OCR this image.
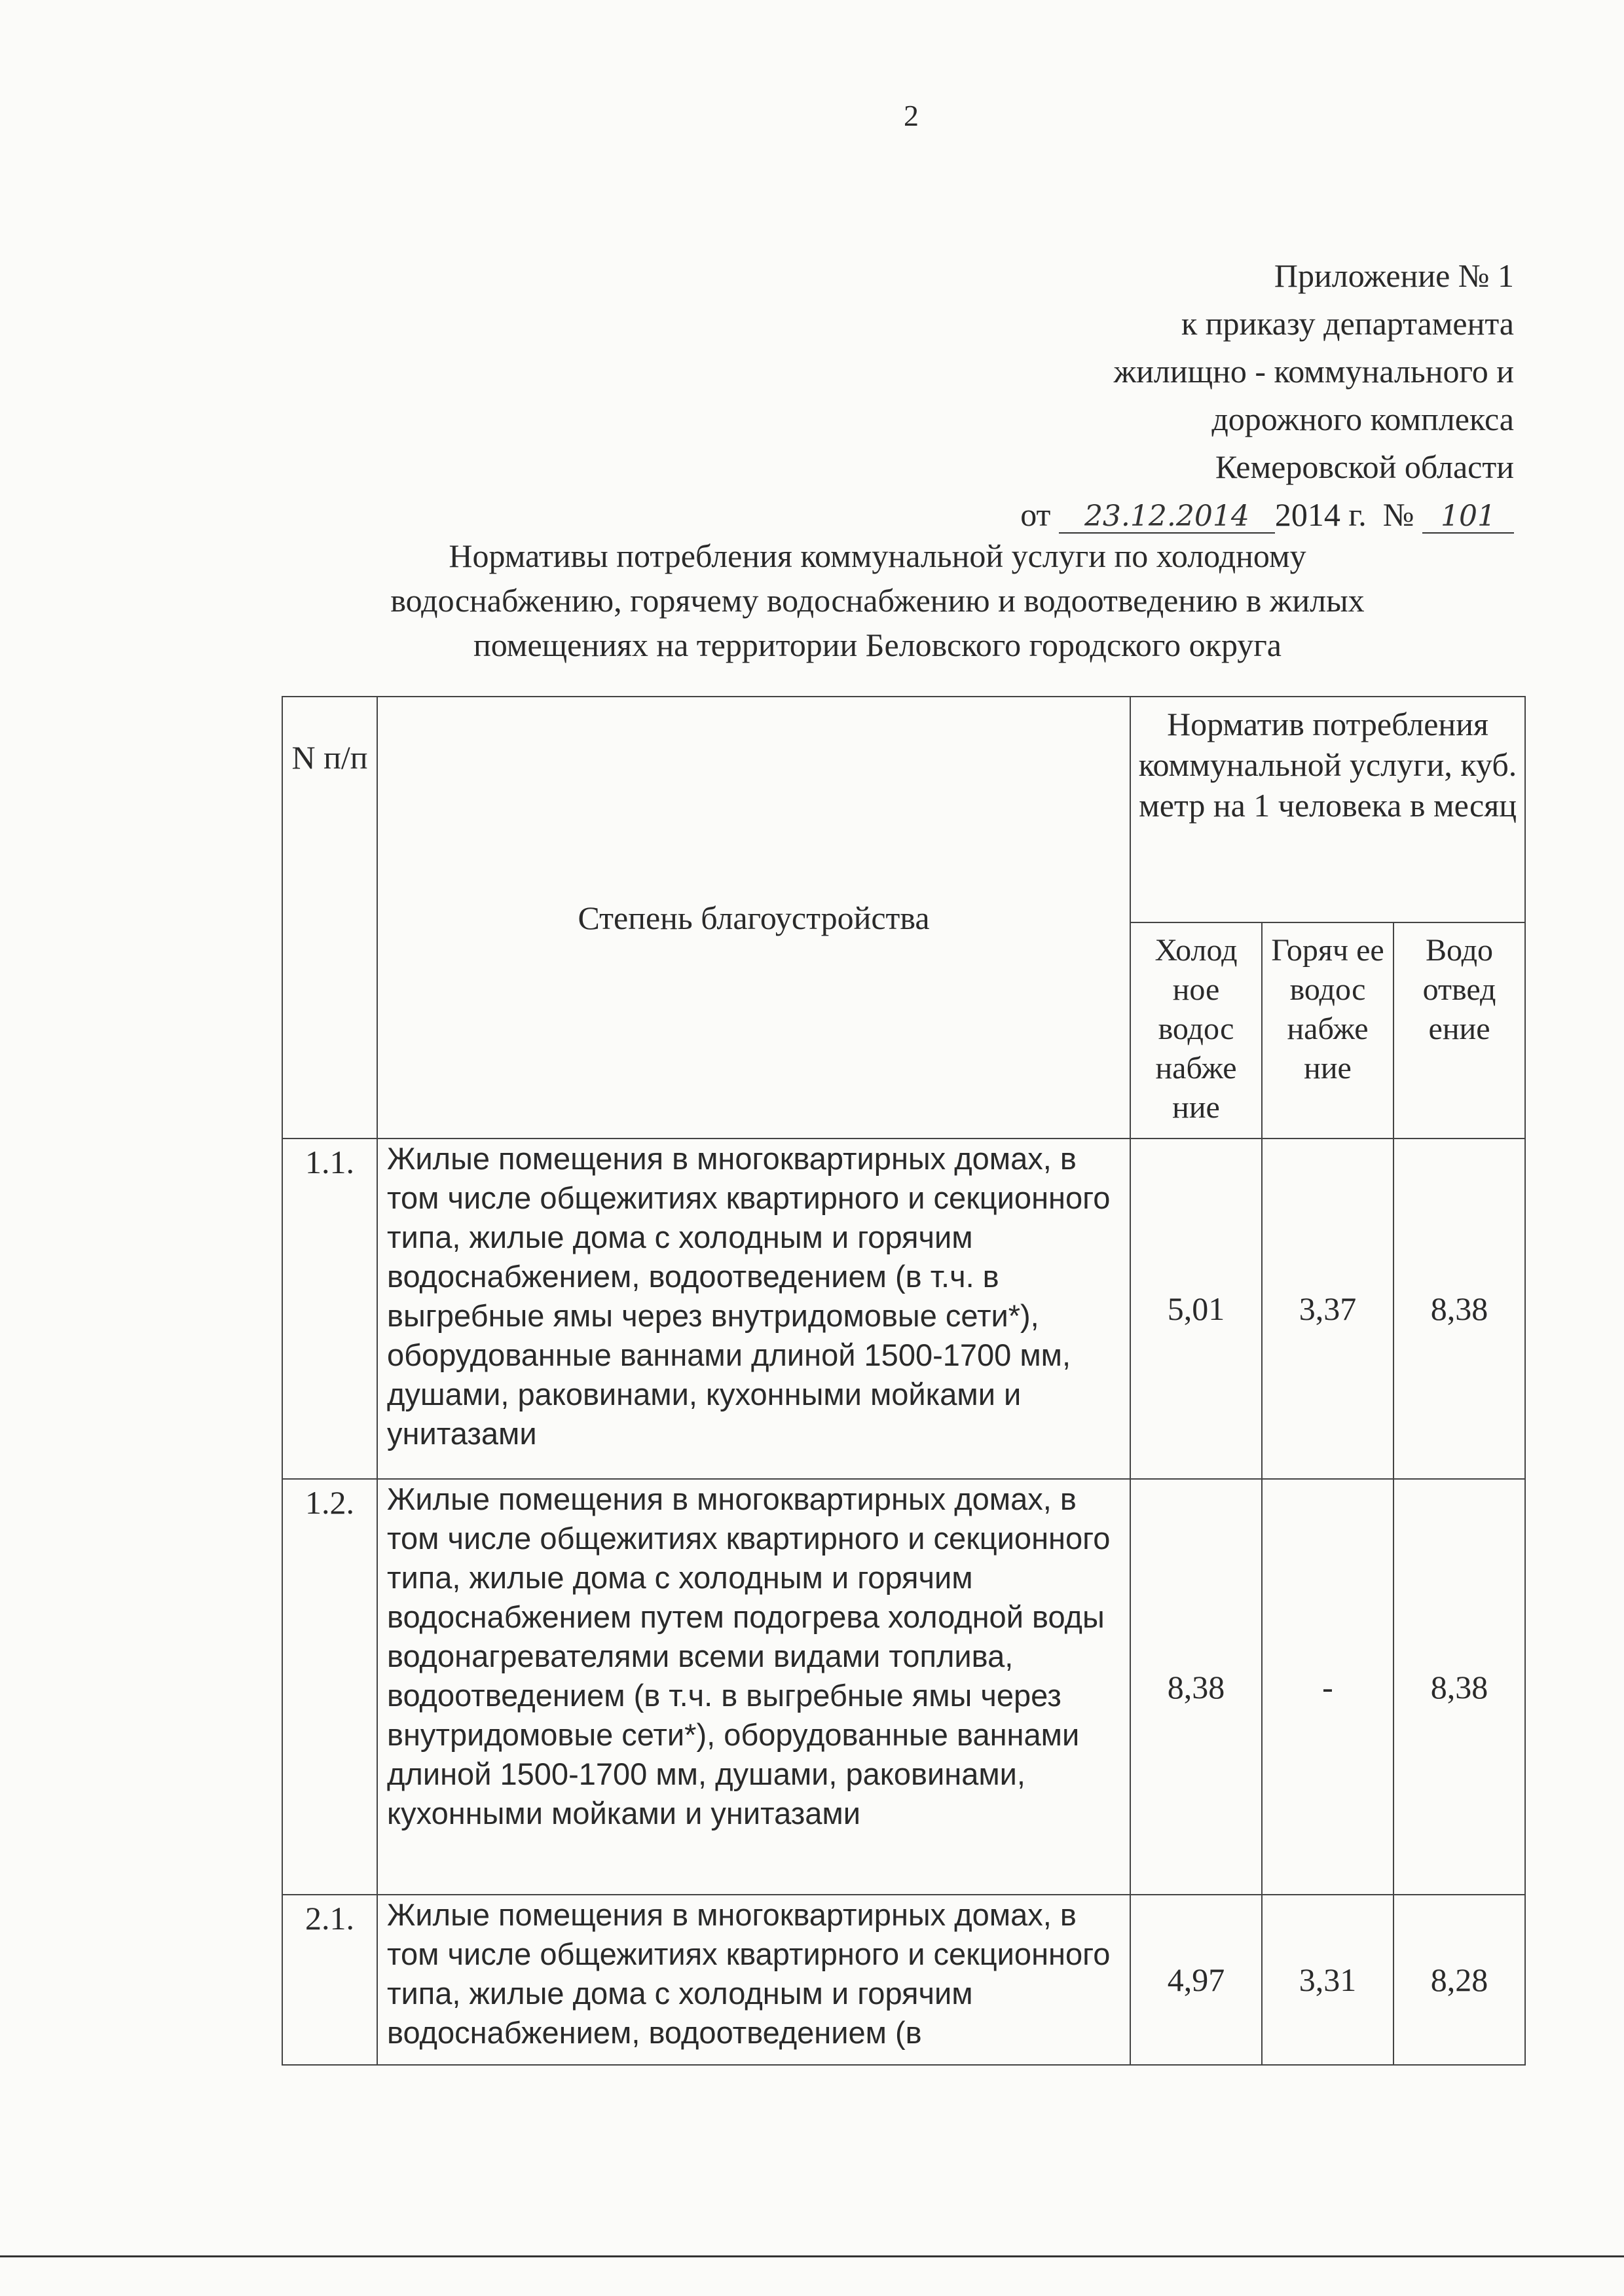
2
Приложение № 1
к приказу департамента
жилищно - коммунального и
дорожного комплекса
Кемеровской области
от 23.12.2014 2014 г. № 101
Нормативы потребления коммунальной услуги по холодному
водоснабжению, горячему водоснабжению и водоотведению в жилых
помещениях на территории Беловского городского округа
N п/п	Степень благоустройства	Норматив потребления коммунальной услуги, куб. метр на 1 человека в месяц		
		Холод ное водос набже ние	Горяч ее водос набже ние	Водо отвед ение
1.1.	Жилые помещения в многоквартирных домах, в том числе общежитиях квартирного и секционного типа, жилые дома с холодным и горячим водоснабжением, водоотведением (в т.ч. в выгребные ямы через внутридомовые сети*), оборудованные ваннами длиной 1500-1700 мм, душами, раковинами, кухонными мойками и унитазами	5,01	3,37	8,38
1.2.	Жилые помещения в многоквартирных домах, в том числе общежитиях квартирного и секционного типа, жилые дома с холодным и горячим водоснабжением путем подогрева холодной воды водонагревателями всеми видами топлива, водоотведением (в т.ч. в выгребные ямы через внутридомовые сети*), оборудованные ваннами длиной 1500-1700 мм, душами, раковинами, кухонными мойками и унитазами	8,38	-	8,38
2.1.	Жилые помещения в многоквартирных домах, в том числе общежитиях квартирного и секционного типа, жилые дома с холодным и горячим водоснабжением, водоотведением (в	4,97	3,31	8,28
